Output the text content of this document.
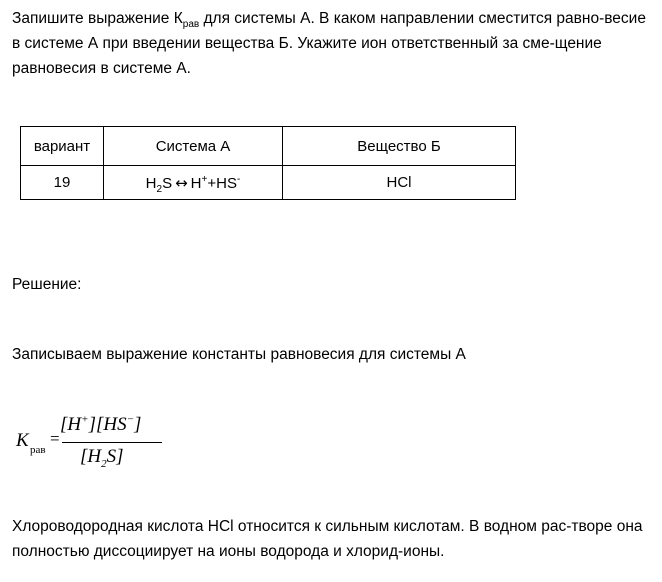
Запишите выражение $К_{рав}$ для системы А. В каком направлении сместится равно-весие в системе А при введении вещества Б. Укажите ион ответственный за сме-щение равновесия в системе А.

вариант	Система А	Вещество Б
19	$H_2S$ ↔ H++HS-	HCl

Решение:

Записываем выражение константы равновесия для системы А

K рав
=
[H+][HS−]
$[H_2S]$

Хлороводородная кислота HCl относится к сильным кислотам. В водном рас-творе она полностью диссоциирует на ионы водорода и хлорид-ионы.
